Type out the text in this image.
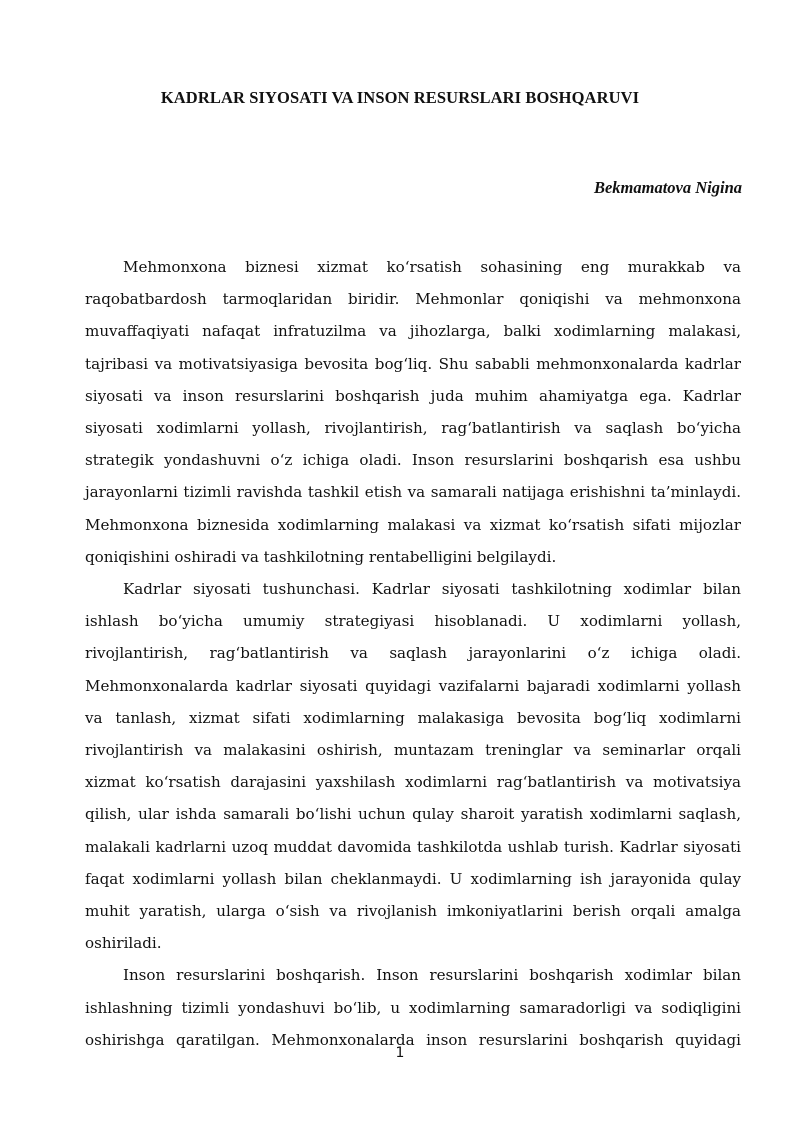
KADRLAR SIYOSATI VA INSON RESURSLARI BOSHQARUVI

Bekmamatova Nigina

Mehmonxona biznesi xizmat ko‘rsatish sohasining eng murakkab va raqobatbardosh tarmoqlaridan biridir. Mehmonlar qoniqishi va mehmonxona muvaffaqiyati nafaqat infratuzilma va jihozlarga, balki xodimlarning malakasi, tajribasi va motivatsiyasiga bevosita bog‘liq. Shu sababli mehmonxonalarda kadrlar siyosati va inson resurslarini boshqarish juda muhim ahamiyatga ega. Kadrlar siyosati xodimlarni yollash, rivojlantirish, rag‘batlantirish va saqlash bo‘yicha strategik yondashuvni o‘z ichiga oladi. Inson resurslarini boshqarish esa ushbu jarayonlarni tizimli ravishda tashkil etish va samarali natijaga erishishni ta’minlaydi. Mehmonxona biznesida xodimlarning malakasi va xizmat ko‘rsatish sifati mijozlar qoniqishini oshiradi va tashkilotning rentabelligini belgilaydi.

Kadrlar siyosati tushunchasi. Kadrlar siyosati tashkilotning xodimlar bilan ishlash bo‘yicha umumiy strategiyasi hisoblanadi. U xodimlarni yollash, rivojlantirish, rag‘batlantirish va saqlash jarayonlarini o‘z ichiga oladi. Mehmonxonalarda kadrlar siyosati quyidagi vazifalarni bajaradi xodimlarni yollash va tanlash, xizmat sifati xodimlarning malakasiga bevosita bog‘liq xodimlarni rivojlantirish va malakasini oshirish, muntazam treninglar va seminarlar orqali xizmat ko‘rsatish darajasini yaxshilash xodimlarni rag‘batlantirish va motivatsiya qilish, ular ishda samarali bo‘lishi uchun qulay sharoit yaratish xodimlarni saqlash, malakali kadrlarni uzoq muddat davomida tashkilotda ushlab turish. Kadrlar siyosati faqat xodimlarni yollash bilan cheklanmaydi. U xodimlarning ish jarayonida qulay muhit yaratish, ularga o‘sish va rivojlanish imkoniyatlarini berish orqali amalga oshiriladi.

Inson resurslarini boshqarish. Inson resurslarini boshqarish xodimlar bilan ishlashning tizimli yondashuvi bo‘lib, u xodimlarning samaradorligi va sodiqligini oshirishga qaratilgan. Mehmonxonalarda inson resurslarini boshqarish quyidagi

1
